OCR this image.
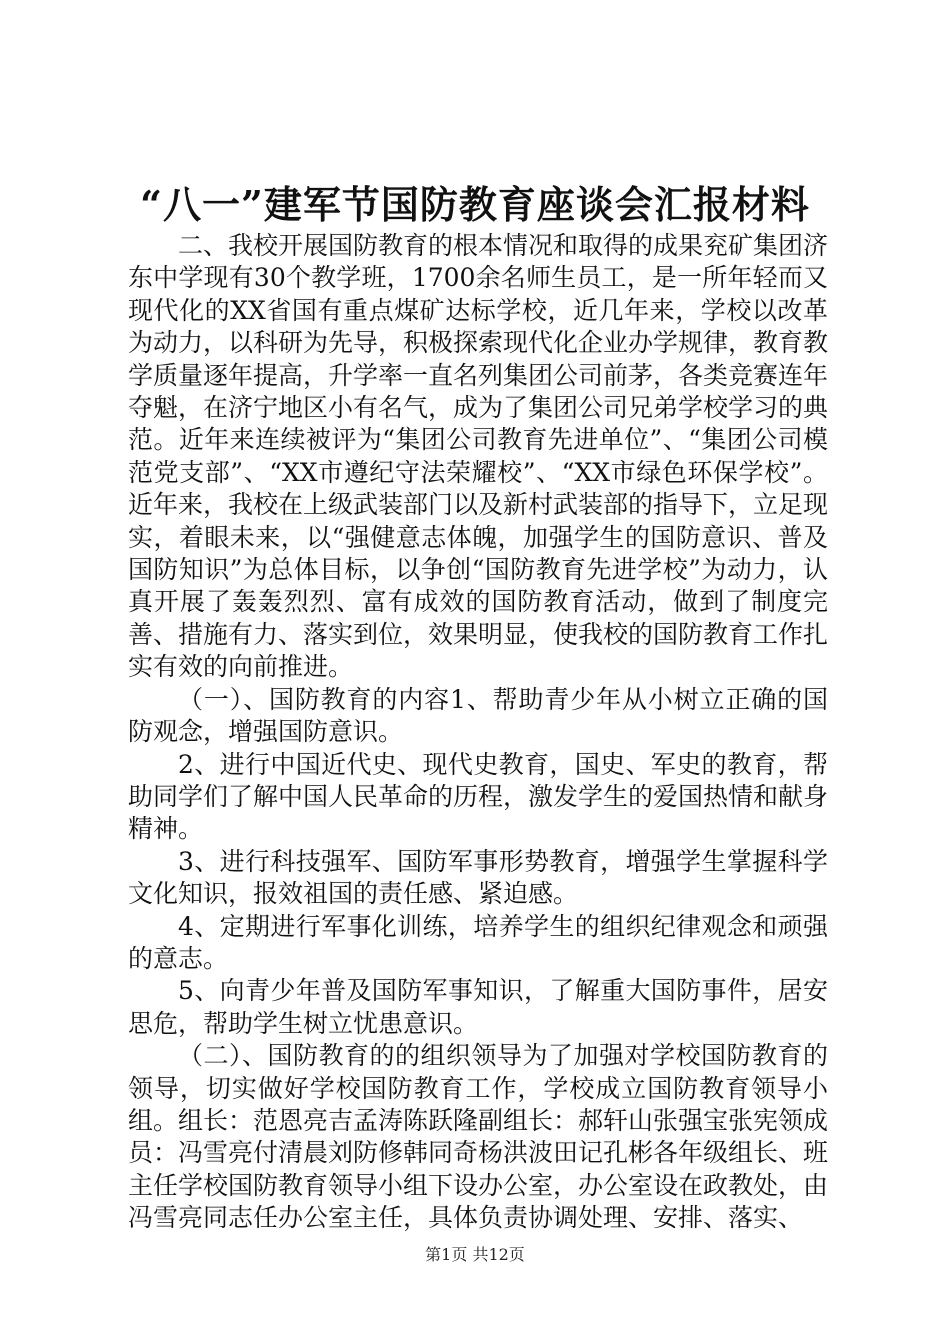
“八一”建军节国防教育座谈会汇报材料

二、我校开展国防教育的根本情况和取得的成果兖矿集团济东中学现有30个教学班，1700余名师生员工，是一所年轻而又现代化的XX省国有重点煤矿达标学校，近几年来，学校以改革为动力，以科研为先导，积极探索现代化企业办学规律，教育教学质量逐年提高，升学率一直名列集团公司前茅，各类竞赛连年夺魁，在济宁地区小有名气，成为了集团公司兄弟学校学习的典范。近年来连续被评为“集团公司教育先进单位”、“集团公司模范党支部”、“XX市遵纪守法荣耀校”、“XX市绿色环保学校”。近年来，我校在上级武装部门以及新村武装部的指导下，立足现实，着眼未来，以“强健意志体魄，加强学生的国防意识、普及国防知识”为总体目标，以争创“国防教育先进学校”为动力，认真开展了轰轰烈烈、富有成效的国防教育活动，做到了制度完善、措施有力、落实到位，效果明显，使我校的国防教育工作扎实有效的向前推进。

（一）、国防教育的内容1、帮助青少年从小树立正确的国防观念，增强国防意识。

2、进行中国近代史、现代史教育，国史、军史的教育，帮助同学们了解中国人民革命的历程，激发学生的爱国热情和献身精神。

3、进行科技强军、国防军事形势教育，增强学生掌握科学文化知识，报效祖国的责任感、紧迫感。

4、定期进行军事化训练，培养学生的组织纪律观念和顽强的意志。

5、向青少年普及国防军事知识，了解重大国防事件，居安思危，帮助学生树立忧患意识。

（二）、国防教育的的组织领导为了加强对学校国防教育的领导，切实做好学校国防教育工作，学校成立国防教育领导小组。组长：范恩亮吉孟涛陈跃隆副组长：郝轩山张强宝张宪领成员：冯雪亮付清晨刘防修韩同奇杨洪波田记孔彬各年级组长、班主任学校国防教育领导小组下设办公室，办公室设在政教处，由冯雪亮同志任办公室主任，具体负责协调处理、安排、落实、

第1页 共12页
